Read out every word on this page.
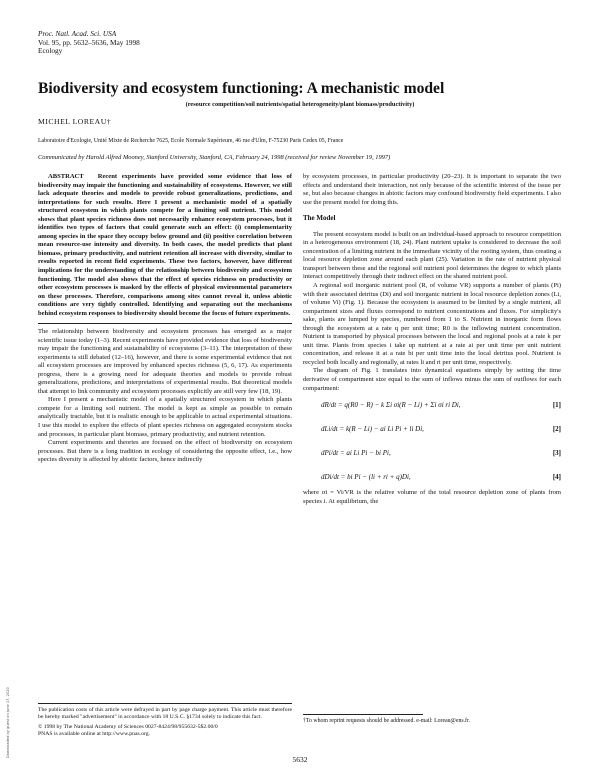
Proc. Natl. Acad. Sci. USA
Vol. 95, pp. 5632–5636, May 1998
Ecology
Biodiversity and ecosystem functioning: A mechanistic model
(resource competition/soil nutrients/spatial heterogeneity/plant biomass/productivity)
MICHEL LOREAU†
Laboratoire d'Ecologie, Unité Mixte de Recherche 7625, Ecole Normale Supérieure, 46 rue d'Ulm, F-75230 Paris Cedex 05, France
Communicated by Harold Alfred Mooney, Stanford University, Stanford, CA, February 24, 1998 (received for review November 19, 1997)

ABSTRACT Recent experiments have provided some evidence that loss of biodiversity may impair the functioning and sustainability of ecosystems. However, we still lack adequate theories and models to provide robust generalizations, predictions, and interpretations for such results. Here I present a mechanistic model of a spatially structured ecosystem in which plants compete for a limiting soil nutrient. This model shows that plant species richness does not necessarily enhance ecosystem processes, but it identifies two types of factors that could generate such an effect: (i) complementarity among species in the space they occupy below ground and (ii) positive correlation between mean resource-use intensity and diversity. In both cases, the model predicts that plant biomass, primary productivity, and nutrient retention all increase with diversity, similar to results reported in recent field experiments. These two factors, however, have different implications for the understanding of the relationship between biodiversity and ecosystem functioning. The model also shows that the effect of species richness on productivity or other ecosystem processes is masked by the effects of physical environmental parameters on these processes. Therefore, comparisons among sites cannot reveal it, unless abiotic conditions are very tightly controlled. Identifying and separating out the mechanisms behind ecosystem responses to biodiversity should become the focus of future experiments.

The relationship between biodiversity and ecosystem processes has emerged as a major scientific issue today (1–3). Recent experiments have provided evidence that loss of biodiversity may impair the functioning and sustainability of ecosystems (3–11). The interpretation of these experiments is still debated (12–16), however, and there is some experimental evidence that not all ecosystem processes are improved by enhanced species richness (5, 6, 17). As experiments progress, there is a growing need for adequate theories and models to provide robust generalizations, predictions, and interpretations of experimental results. But theoretical models that attempt to link community and ecosystem processes explicitly are still very few (18, 19).

Here I present a mechanistic model of a spatially structured ecosystem in which plants compete for a limiting soil nutrient. The model is kept as simple as possible to remain analytically tractable, but it is realistic enough to be applicable to actual experimental situations. I use this model to explore the effects of plant species richness on aggregated ecosystem stocks and processes, in particular plant biomass, primary productivity, and nutrient retention.

Current experiments and theories are focused on the effect of biodiversity on ecosystem processes. But there is a long tradition in ecology of considering the opposite effect, i.e., how species diversity is affected by abiotic factors, hence indirectly

The publication costs of this article were defrayed in part by page charge payment. This article must therefore be hereby marked "advertisement" in accordance with 18 U.S.C. §1734 solely to indicate this fact.
© 1998 by The National Academy of Sciences 0027-8424/98/955632-5$2.00/0
PNAS is available online at http://www.pnas.org.

by ecosystem processes, in particular productivity (20–23). It is important to separate the two effects and understand their interaction, not only because of the scientific interest of the issue per se, but also because changes in abiotic factors may confound biodiversity field experiments. I also use the present model for doing this.

The Model

The present ecosystem model is built on an individual-based approach to resource competition in a heterogeneous environment (18, 24). Plant nutrient uptake is considered to decrease the soil concentration of a limiting nutrient in the immediate vicinity of the rooting system, thus creating a local resource depletion zone around each plant (25). Variation in the rate of nutrient physical transport between these and the regional soil nutrient pool determines the degree to which plants interact competitively through their indirect effect on the shared nutrient pool.

A regional soil inorganic nutrient pool (R, of volume VR) supports a number of plants (Pi) with their associated detritus (Di) and soil inorganic nutrient in local resource depletion zones (Li, of volume Vi) (Fig. 1). Because the ecosystem is assumed to be limited by a single nutrient, all compartment sizes and fluxes correspond to nutrient concentrations and fluxes. For simplicity's sake, plants are lumped by species, numbered from 1 to S. Nutrient in inorganic form flows through the ecosystem at a rate q per unit time; R0 is the inflowing nutrient concentration. Nutrient is transported by physical processes between the local and regional pools at a rate k per unit time. Plants from species i take up nutrient at a rate ai per unit time per unit nutrient concentration, and release it at a rate bi per unit time into the local detritus pool. Nutrient is recycled both locally and regionally, at rates li and ri per unit time, respectively.

The diagram of Fig. 1 translates into dynamical equations simply by setting the time derivative of compartment size equal to the sum of inflows minus the sum of outflows for each compartment:

dR/dt = q(R0 − R) − k Σi σi(R − Li) + Σi σi ri Di,	[1]
dLi/dt = k(R − Li) − ai Li Pi + li Di,	[2]
dPi/dt = ai Li Pi − bi Pi,	[3]
dDi/dt = bi Pi − (li + ri + q)Di,	[4]

where σi = Vi/VR is the relative volume of the total resource depletion zone of plants from species i. At equilibrium, the

†To whom reprint requests should be addressed. e-mail: Loreau@ens.fr.
5632
Downloaded by guest on June 17, 2020
